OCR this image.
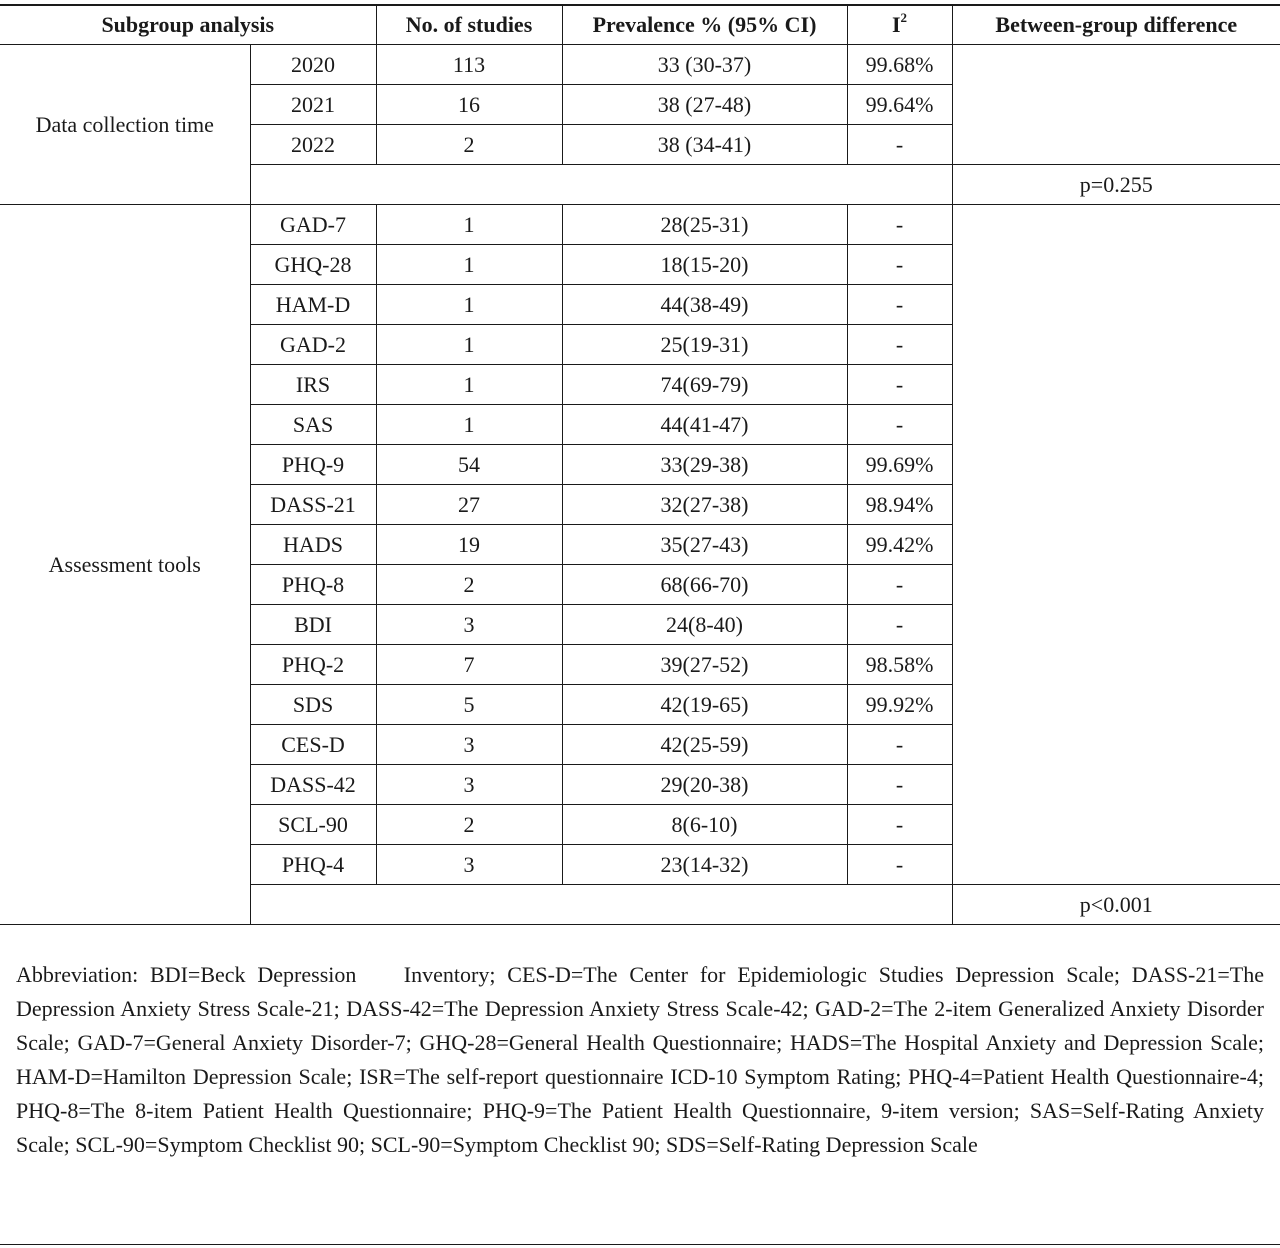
Subgroup analysis		No. of studies	Prevalence % (95% CI)	$I^2$	Between-group difference
Data collection time	2020	113	33 (30-37)	99.68%	
	2021	16	38 (27-48)	99.64%	
	2022	2	38 (34-41)	-	
					p=0.255
Assessment tools	GAD-7	1	28(25-31)	-	
	GHQ-28	1	18(15-20)	-	
	HAM-D	1	44(38-49)	-	
	GAD-2	1	25(19-31)	-	
	IRS	1	74(69-79)	-	
	SAS	1	44(41-47)	-	
	PHQ-9	54	33(29-38)	99.69%	
	DASS-21	27	32(27-38)	98.94%	
	HADS	19	35(27-43)	99.42%	
	PHQ-8	2	68(66-70)	-	
	BDI	3	24(8-40)	-	
	PHQ-2	7	39(27-52)	98.58%	
	SDS	5	42(19-65)	99.92%	
	CES-D	3	42(25-59)	-	
	DASS-42	3	29(20-38)	-	
	SCL-90	2	8(6-10)	-	
	PHQ-4	3	23(14-32)	-	
					p<0.001
Abbreviation: BDI=Beck Depression    Inventory; CES-D=The Center for Epidemiologic Studies Depression Scale; DASS-21=The Depression Anxiety Stress Scale-21; DASS-42=The Depression Anxiety Stress Scale-42; GAD-2=The 2-item Generalized Anxiety Disorder Scale; GAD-7=General Anxiety Disorder-7; GHQ-28=General Health Questionnaire; HADS=The Hospital Anxiety and Depression Scale; HAM-D=Hamilton Depression Scale; ISR=The self-report questionnaire ICD-10 Symptom Rating; PHQ-4=Patient Health Questionnaire-4; PHQ-8=The 8-item Patient Health Questionnaire; PHQ-9=The Patient Health Questionnaire, 9-item version; SAS=Self-Rating Anxiety Scale; SCL-90=Symptom Checklist 90; SCL-90=Symptom Checklist 90; SDS=Self-Rating Depression Scale
